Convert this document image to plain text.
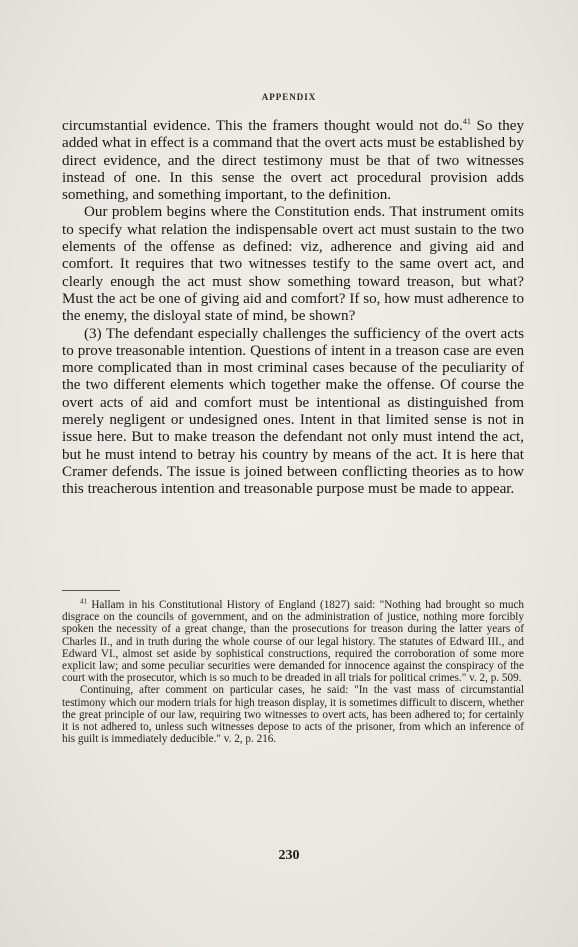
APPENDIX

circumstantial evidence. This the framers thought would not do.$^{41}$ So they added what in effect is a command that the overt acts must be established by direct evidence, and the direct testimony must be that of two witnesses instead of one. In this sense the overt act procedural provision adds something, and something important, to the definition.

Our problem begins where the Constitution ends. That instrument omits to specify what relation the indispensable overt act must sustain to the two elements of the offense as defined: viz, adherence and giving aid and comfort. It requires that two witnesses testify to the same overt act, and clearly enough the act must show something toward treason, but what? Must the act be one of giving aid and comfort? If so, how must adherence to the enemy, the disloyal state of mind, be shown?

(3) The defendant especially challenges the sufficiency of the overt acts to prove treasonable intention. Questions of intent in a treason case are even more complicated than in most criminal cases because of the peculiarity of the two different elements which together make the offense. Of course the overt acts of aid and comfort must be intentional as distinguished from merely negligent or undesigned ones. Intent in that limited sense is not in issue here. But to make treason the defendant not only must intend the act, but he must intend to betray his country by means of the act. It is here that Cramer defends. The issue is joined between conflicting theories as to how this treacherous intention and treasonable purpose must be made to appear.

$^{41}$ Hallam in his Constitutional History of England (1827) said: "Nothing had brought so much disgrace on the councils of government, and on the administration of justice, nothing more forcibly spoken the necessity of a great change, than the prosecutions for treason during the latter years of Charles II., and in truth during the whole course of our legal history. The statutes of Edward III., and Edward VI., almost set aside by sophistical constructions, required the corroboration of some more explicit law; and some peculiar securities were demanded for innocence against the conspiracy of the court with the prosecutor, which is so much to be dreaded in all trials for political crimes." v. 2, p. 509.

Continuing, after comment on particular cases, he said: "In the vast mass of circumstantial testimony which our modern trials for high treason display, it is sometimes difficult to discern, whether the great principle of our law, requiring two witnesses to overt acts, has been adhered to; for certainly it is not adhered to, unless such witnesses depose to acts of the prisoner, from which an inference of his guilt is immediately deducible." v. 2, p. 216.

230
